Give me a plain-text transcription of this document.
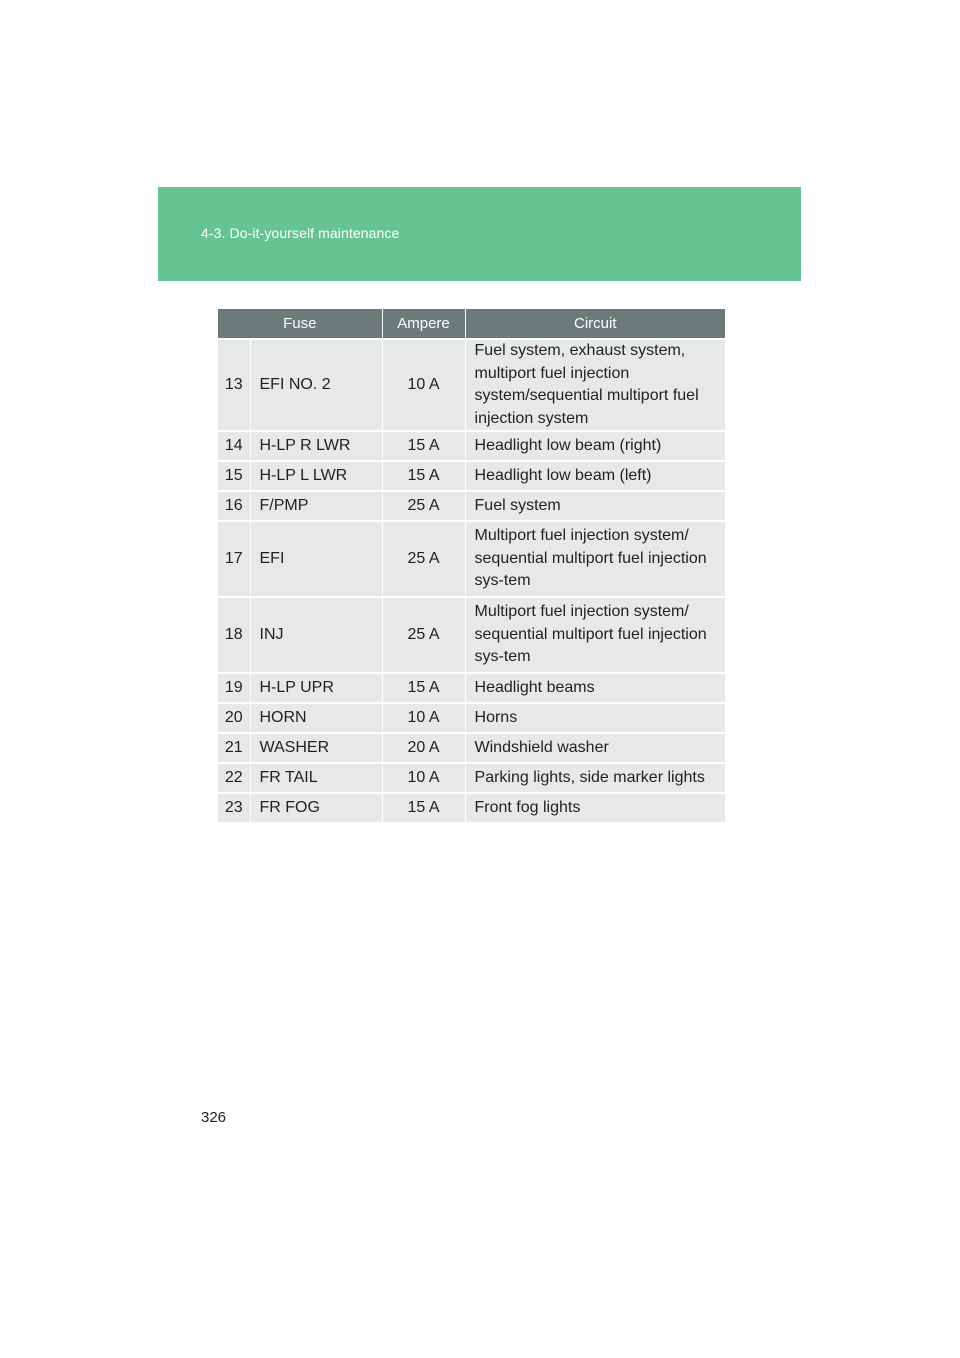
4-3. Do-it-yourself maintenance
Fuse		Ampere	Circuit
13	EFI NO. 2	10 A	Fuel system, exhaust system, multiport fuel injection system/sequential multiport fuel injection system
14	H-LP R LWR	15 A	Headlight low beam (right)
15	H-LP L LWR	15 A	Headlight low beam (left)
16	F/PMP	25 A	Fuel system
17	EFI	25 A	Multiport fuel injection system/ sequential multiport fuel injection sys-tem
18	INJ	25 A	Multiport fuel injection system/ sequential multiport fuel injection sys-tem
19	H-LP UPR	15 A	Headlight beams
20	HORN	10 A	Horns
21	WASHER	20 A	Windshield washer
22	FR TAIL	10 A	Parking lights, side marker lights
23	FR FOG	15 A	Front fog lights
326
